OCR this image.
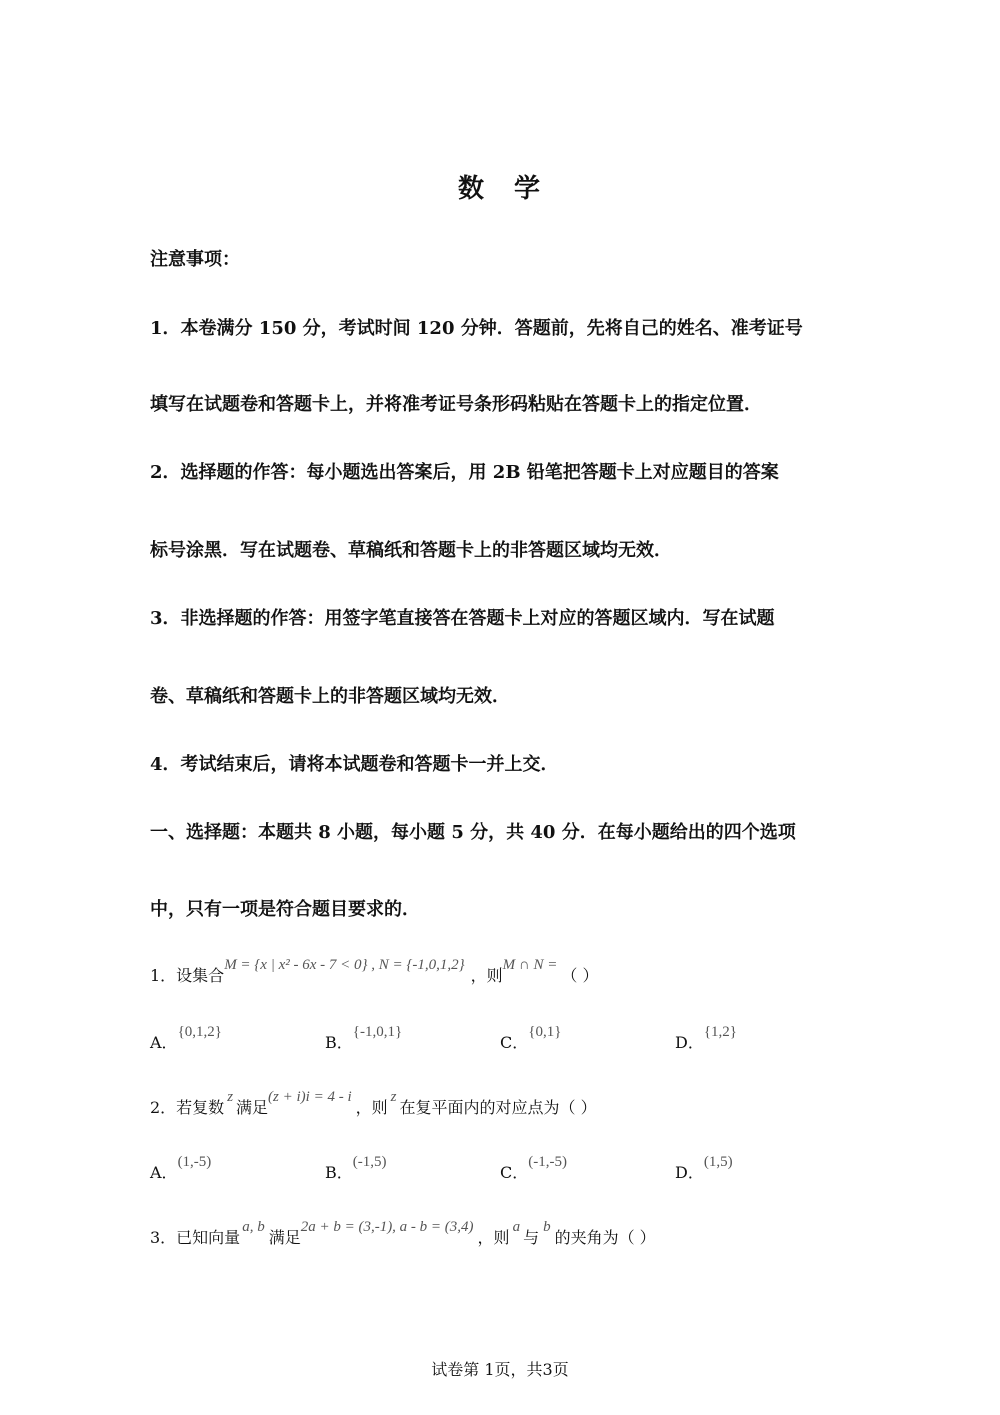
数 学
注意事项：
1．本卷满分 150 分，考试时间 120 分钟．答题前，先将自己的姓名、准考证号
填写在试题卷和答题卡上，并将准考证号条形码粘贴在答题卡上的指定位置．
2．选择题的作答：每小题选出答案后，用 2B 铅笔把答题卡上对应题目的答案
标号涂黑．写在试题卷、草稿纸和答题卡上的非答题区域均无效．
3．非选择题的作答：用签字笔直接答在答题卡上对应的答题区域内．写在试题
卷、草稿纸和答题卡上的非答题区域均无效．
4．考试结束后，请将本试题卷和答题卡一并上交．
一、选择题：本题共 8 小题，每小题 5 分，共 40 分．在每小题给出的四个选项
中，只有一项是符合题目要求的．
1．设集合M = {x | x² - 6x - 7 < 0} , N = {-1,0,1,2}，则M ∩ N =（ ）
A．{0,1,2}
B．{-1,0,1}
C．{0,1}
D．{1,2}
2．若复数z满足(z + i)i = 4 - i，则z在复平面内的对应点为（ ）
A．(1,-5)
B．(-1,5)
C．(-1,-5)
D．(1,5)
3．已知向量a, b满足2a + b = (3,-1), a - b = (3,4)，则a与b的夹角为（ ）
试卷第 1页，共3页
